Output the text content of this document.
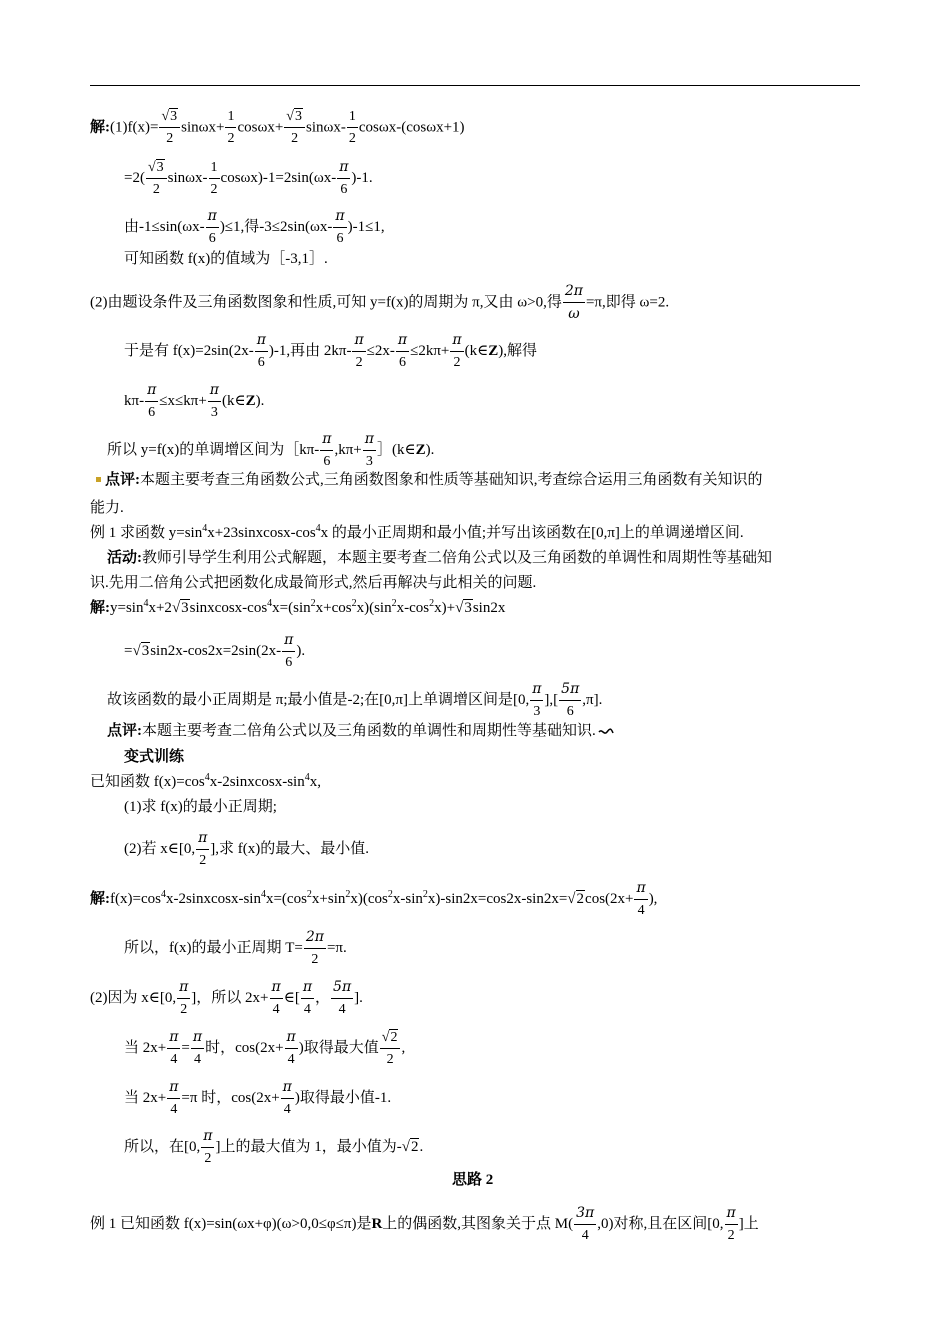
解:(1)f(x)= $\frac{√3}{2} \sin\omega x+ \frac{1}{2} \cos\omega x+ \frac{√3}{2} \sin\omega x- \frac{1}{2} \cos\omega x-(\cos\omega x+1)$
$=2( \frac{√3}{2} \sin\omega x- \frac{1}{2} \cos\omega x)-1=2\sin(\omega x- \frac{\pi}{6} )-1$.
由$-1\le\sin(\omega x- \frac{\pi}{6} )\le 1$,得$-3\le 2\sin(\omega x- \frac{\pi}{6} )-1\le 1$,
可知函数 f(x)的值域为［-3,1］.
(2)由题设条件及三角函数图象和性质,可知 y=f(x)的周期为 π,又由 ω>0,得 $\frac{2\pi}{\omega} =\pi$,即得 ω=2.
于是有 $f(x)=2\sin(2x- \frac{\pi}{6} )-1$,再由 $2k\pi- \frac{\pi}{2} \le 2x- \frac{\pi}{6} \le 2k\pi+ \frac{\pi}{2}$ (k∈Z),解得
$k\pi- \frac{\pi}{6} \le x\le k\pi+ \frac{\pi}{3}$ (k∈Z).
所以 y=f(x)的单调增区间为［kπ- $\frac{\pi}{6} ,k\pi+ \frac{\pi}{3}$ ］(k∈Z).
点评:本题主要考查三角函数公式,三角函数图象和性质等基础知识,考查综合运用三角函数有关知识的
能力.
例 1 求函数 $y=\sin^4x+23sinxcosx-\cos^4x$ 的最小正周期和最小值;并写出该函数在[0,π]上的单调递增区间.
活动:教师引导学生利用公式解题，本题主要考查二倍角公式以及三角函数的单调性和周期性等基础知
识.先用二倍角公式把函数化成最简形式,然后再解决与此相关的问题.
解$:y=\sin^4x+2√3sinxcosx-\cos^4x=(\sin^2x+\cos^2x)(\sin^2x-\cos^2x)+√3\sin 2x$
$=√3\sin 2x-\cos 2x=2\sin(2x- \frac{\pi}{6}$ ).
故该函数的最小正周期是 π;最小值是-2;在[0,π]上单调增区间是[0, $\frac{\pi}{3}$ ],[ $\frac{5\pi}{6} ,\pi$].
点评:本题主要考查二倍角公式以及三角函数的单调性和周期性等基础知识.
变式训练
已知函数 $f(x)=\cos^4x-2sinxcosx-\sin^4x$,
(1)求 f(x)的最小正周期;
(2)若 x∈[0, $\frac{\pi}{2}$ ],求 f(x)的最大、最小值.
解$:f(x)=\cos^4x-2sinxcosx-\sin^4x=(\cos^2x+\sin^2x)(\cos^2x-\sin^2x)-\sin 2x=\cos 2x-\sin 2x=√2\cos(2x+ \frac{\pi}{4}$ ),
所以，f(x)的最小正周期 $T= \frac{2\pi}{2} =\pi$.
(2)因为 x∈[0, $\frac{\pi}{2}$ ]，所以 $2x+ \frac{\pi}{4}$ ∈[ $\frac{\pi}{4}$ ， $\frac{5\pi}{4}$ ].
当 $2x+ \frac{\pi}{4} = \frac{\pi}{4}$ 时，$\cos(2x+ \frac{\pi}{4}$ )取得最大值 $\frac{√2}{2}$ ,
当 $2x+ \frac{\pi}{4} =\pi$ 时，$\cos(2x+ \frac{\pi}{4}$ )取得最小值-1.
所以，在[0, $\frac{\pi}{2}$ ]上的最大值为 1，最小值为-√2.
思路 2
例 1 已知函数 f(x)=sin(ωx+φ)(ω>0,0≤φ≤π)是R上的偶函数,其图象关于点 $M( \frac{3\pi}{4} ,0)$对称,且在区间[0, $\frac{\pi}{2}$ ]上
